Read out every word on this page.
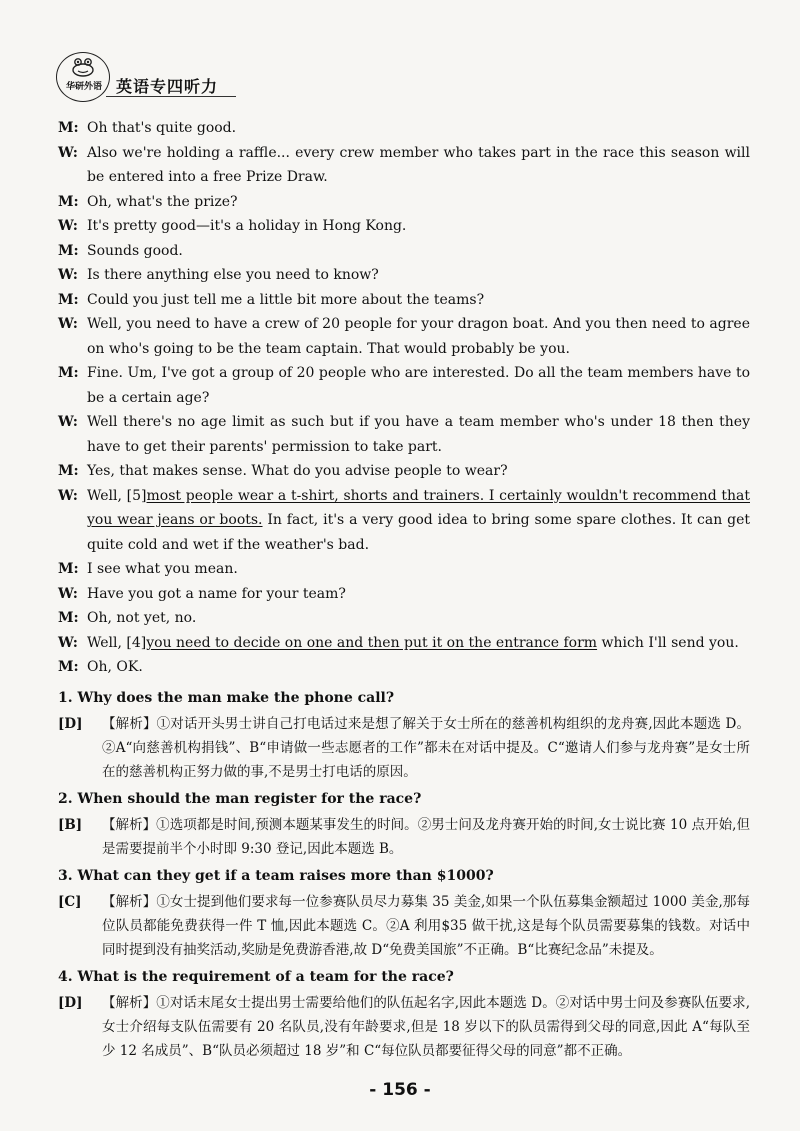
华研外语 英语专四听力
M: Oh that's quite good.
W: Also we're holding a raffle... every crew member who takes part in the race this season will be entered into a free Prize Draw.
M: Oh, what's the prize?
W: It's pretty good—it's a holiday in Hong Kong.
M: Sounds good.
W: Is there anything else you need to know?
M: Could you just tell me a little bit more about the teams?
W: Well, you need to have a crew of 20 people for your dragon boat. And you then need to agree on who's going to be the team captain. That would probably be you.
M: Fine. Um, I've got a group of 20 people who are interested. Do all the team members have to be a certain age?
W: Well there's no age limit as such but if you have a team member who's under 18 then they have to get their parents' permission to take part.
M: Yes, that makes sense. What do you advise people to wear?
W: Well, [5]most people wear a t-shirt, shorts and trainers. I certainly wouldn't recommend that you wear jeans or boots. In fact, it's a very good idea to bring some spare clothes. It can get quite cold and wet if the weather's bad.
M: I see what you mean.
W: Have you got a name for your team?
M: Oh, not yet, no.
W: Well, [4]you need to decide on one and then put it on the entrance form which I'll send you.
M: Oh, OK.
1. Why does the man make the phone call?
[D]	【解析】①对话开头男士讲自己打电话过来是想了解关于女士所在的慈善机构组织的龙舟赛,因此本题选 D。②A“向慈善机构捐钱”、B“申请做一些志愿者的工作”都未在对话中提及。C“邀请人们参与龙舟赛”是女士所在的慈善机构正努力做的事,不是男士打电话的原因。
2. When should the man register for the race?
[B]	【解析】①选项都是时间,预测本题某事发生的时间。②男士问及龙舟赛开始的时间,女士说比赛 10 点开始,但是需要提前半个小时即 9:30 登记,因此本题选 B。
3. What can they get if a team raises more than $1000?
[C]	【解析】①女士提到他们要求每一位参赛队员尽力募集 35 美金,如果一个队伍募集金额超过 1000 美金,那每位队员都能免费获得一件 T 恤,因此本题选 C。②A 利用$35 做干扰,这是每个队员需要募集的钱数。对话中同时提到没有抽奖活动,奖励是免费游香港,故 D“免费美国旅”不正确。B“比赛纪念品”未提及。
4. What is the requirement of a team for the race?
[D]	【解析】①对话末尾女士提出男士需要给他们的队伍起名字,因此本题选 D。②对话中男士问及参赛队伍要求,女士介绍每支队伍需要有 20 名队员,没有年龄要求,但是 18 岁以下的队员需得到父母的同意,因此 A“每队至少 12 名成员”、B“队员必须超过 18 岁”和 C“每位队员都要征得父母的同意”都不正确。
- 156 -
